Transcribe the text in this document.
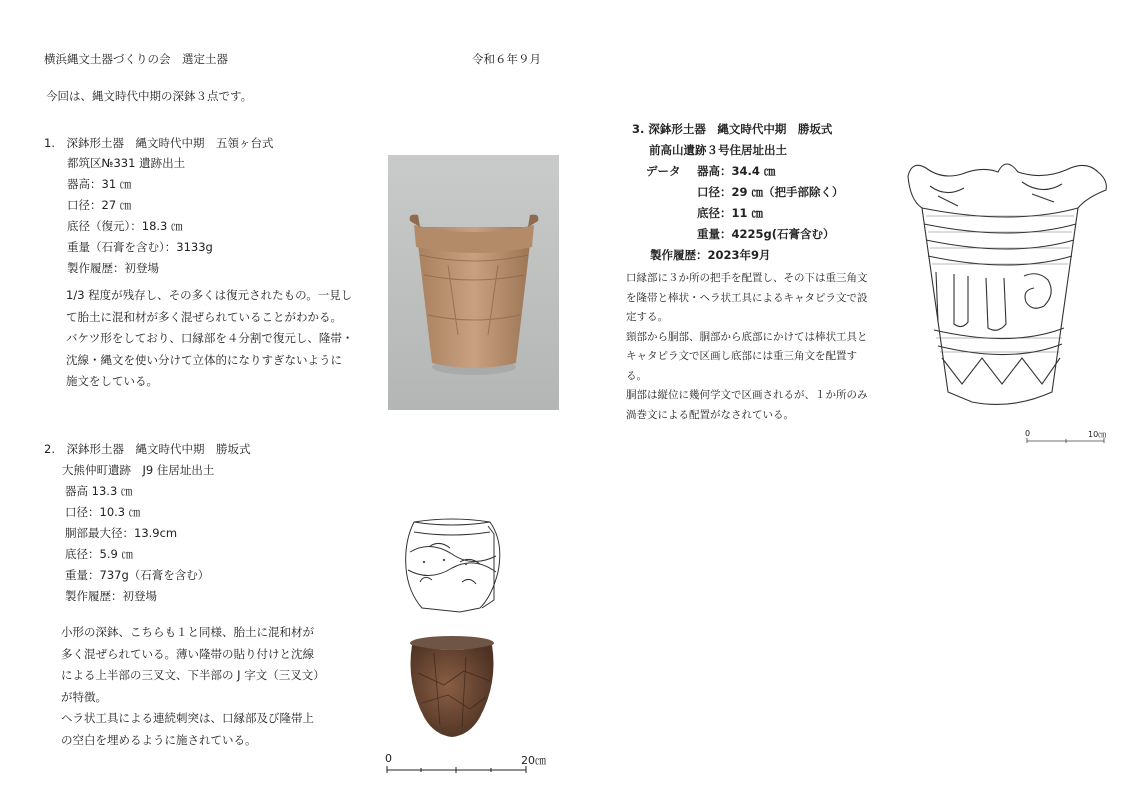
横浜縄文土器づくりの会　選定土器	令和６年９月
今回は、縄文時代中期の深鉢３点です。
1.　深鉢形土器　縄文時代中期　五領ヶ台式
都筑区№331 遺跡出土
器高：31 ㎝
口径：27 ㎝
底径（復元）：18.3 ㎝
重量（石膏を含む）：3133g
製作履歴：初登場
1/3 程度が残存し、その多くは復元されたもの。一見し
て胎土に混和材が多く混ぜられていることがわかる。
バケツ形をしており、口縁部を４分割で復元し、隆帯・
沈線・縄文を使い分けて立体的になりすぎないように
施文をしている。
2.　深鉢形土器　縄文時代中期　勝坂式
大熊仲町遺跡　J9 住居址出土
器高 13.3 ㎝
口径：10.3 ㎝
胴部最大径：13.9cm
底径：5.9 ㎝
重量：737g（石膏を含む）
製作履歴：初登場
小形の深鉢、こちらも１と同様、胎土に混和材が
多く混ぜられている。薄い隆帯の貼り付けと沈線
による上半部の三叉文、下半部の J 字文（三叉文）
が特徴。
ヘラ状工具による連続刺突は、口縁部及び隆帯上
の空白を埋めるように施されている。
0	20㎝
3. 深鉢形土器　縄文時代中期　勝坂式
前高山遺跡３号住居址出土
データ 器高：34.4 ㎝
口径：29 ㎝（把手部除く）
底径：11 ㎝
重量：4225g(石膏含む）
製作履歴：2023年9月
口縁部に３か所の把手を配置し、その下は重三角文
を隆帯と棒状・ヘラ状工具によるキャタピラ文で設
定する。
頸部から胴部、胴部から底部にかけては棒状工具と
キャタピラ文で区画し底部には重三角文を配置す
る。
胴部は縦位に幾何学文で区画されるが、１か所のみ
渦巻文による配置がなされている。
0	10㎝
